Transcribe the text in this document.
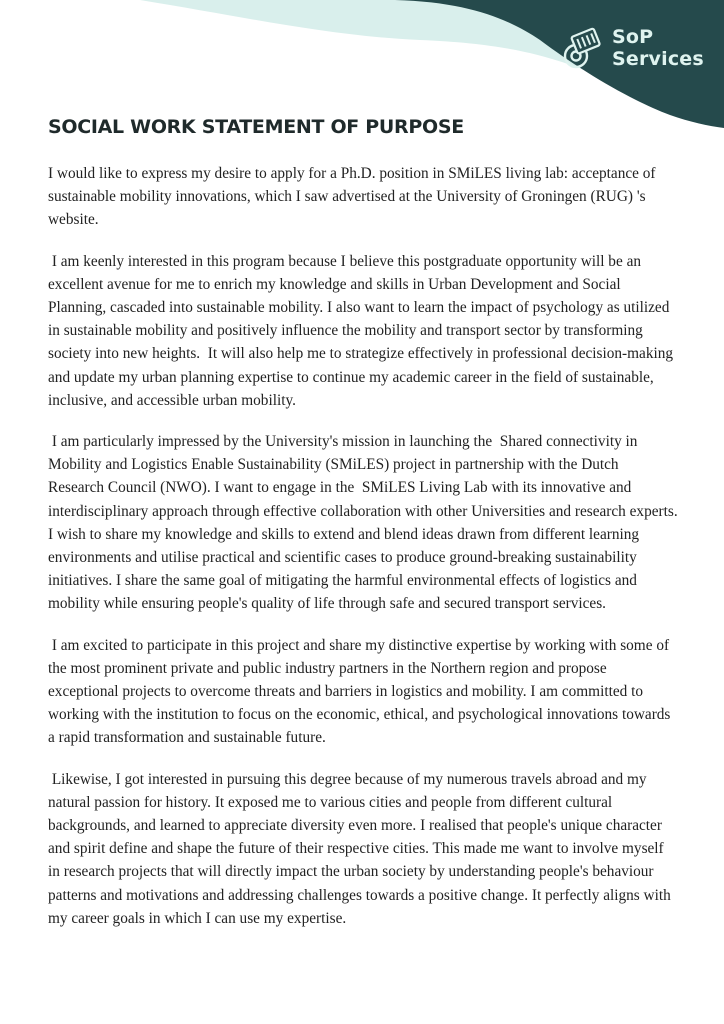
SoP
Services
SOCIAL WORK STATEMENT OF PURPOSE

I would like to express my desire to apply for a Ph.D. position in SMiLES living lab: acceptance of sustainable mobility innovations, which I saw advertised at the University of Groningen (RUG) 's website.

I am keenly interested in this program because I believe this postgraduate opportunity will be an excellent avenue for me to enrich my knowledge and skills in Urban Development and Social Planning, cascaded into sustainable mobility. I also want to learn the impact of psychology as utilized in sustainable mobility and positively influence the mobility and transport sector by transforming society into new heights.  It will also help me to strategize effectively in professional decision-making and update my urban planning expertise to continue my academic career in the field of sustainable, inclusive, and accessible urban mobility.

I am particularly impressed by the University's mission in launching the  Shared connectivity in Mobility and Logistics Enable Sustainability (SMiLES) project in partnership with the Dutch Research Council (NWO). I want to engage in the  SMiLES Living Lab with its innovative and interdisciplinary approach through effective collaboration with other Universities and research experts. I wish to share my knowledge and skills to extend and blend ideas drawn from different learning environments and utilise practical and scientific cases to produce ground-breaking sustainability initiatives. I share the same goal of mitigating the harmful environmental effects of logistics and mobility while ensuring people's quality of life through safe and secured transport services.

I am excited to participate in this project and share my distinctive expertise by working with some of the most prominent private and public industry partners in the Northern region and propose exceptional projects to overcome threats and barriers in logistics and mobility. I am committed to working with the institution to focus on the economic, ethical, and psychological innovations towards a rapid transformation and sustainable future.

Likewise, I got interested in pursuing this degree because of my numerous travels abroad and my natural passion for history. It exposed me to various cities and people from different cultural backgrounds, and learned to appreciate diversity even more. I realised that people's unique character and spirit define and shape the future of their respective cities. This made me want to involve myself in research projects that will directly impact the urban society by understanding people's behaviour patterns and motivations and addressing challenges towards a positive change. It perfectly aligns with my career goals in which I can use my expertise.
